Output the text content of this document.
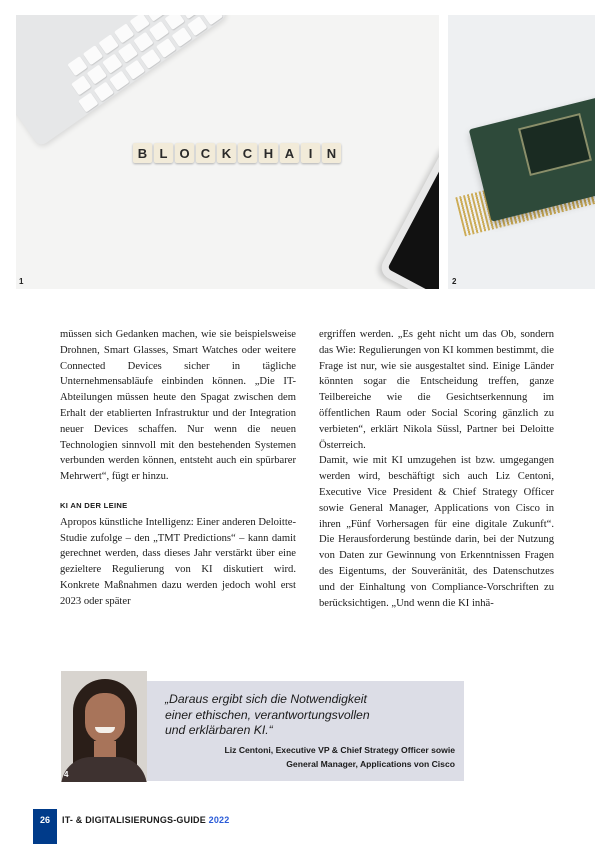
B L O C K C H A	I	N
1	2

müssen sich Gedanken machen, wie sie beispielsweise Drohnen, Smart Glasses, Smart Watches oder weitere Connected Devices sicher in tägliche Unternehmensabläufe einbinden können. „Die IT-Abteilungen müssen heute den Spagat zwischen dem Erhalt der etablierten Infrastruktur und der Integration neuer Devices schaffen. Nur wenn die neuen Technologien sinnvoll mit den bestehenden Systemen verbunden werden können, entsteht auch ein spürbarer Mehrwert“, fügt er hinzu.

KI AN DER LEINE

Apropos künstliche Intelligenz: Einer anderen Deloitte-Studie zufolge – den „TMT Predictions“ – kann damit gerechnet werden, dass dieses Jahr verstärkt über eine gezieltere Regulierung von KI diskutiert wird. Konkrete Maßnahmen dazu werden jedoch wohl erst 2023 oder später

ergriffen werden. „Es geht nicht um das Ob, sondern das Wie: Regulierungen von KI kommen bestimmt, die Frage ist nur, wie sie ausgestaltet sind. Einige Länder könnten sogar die Entscheidung treffen, ganze Teilbereiche wie die Gesichtserkennung im öffentlichen Raum oder Social Scoring gänzlich zu verbieten“, erklärt Nikola Süssl, Partner bei Deloitte Österreich.

Damit, wie mit KI umzugehen ist bzw. umgegangen werden wird, beschäftigt sich auch Liz Centoni, Executive Vice President & Chief Strategy Officer sowie General Manager, Applications von Cisco in ihren „Fünf Vorhersagen für eine digitale Zukunft“. Die Herausforderung bestünde darin, bei der Nutzung von Daten zur Gewinnung von Erkenntnissen Fragen des Eigentums, der Souveränität, des Datenschutzes und der Einhaltung von Compliance-Vorschriften zu berücksichtigen. „Und wenn die KI inhä-

4
„Daraus ergibt sich die Notwendigkeit
einer ethischen, verantwortungsvollen
und erklärbaren KI.“
Liz Centoni, Executive VP & Chief Strategy Officer sowie
General Manager, Applications von Cisco
26	IT- & DIGITALISIERUNGS-GUIDE 2022
